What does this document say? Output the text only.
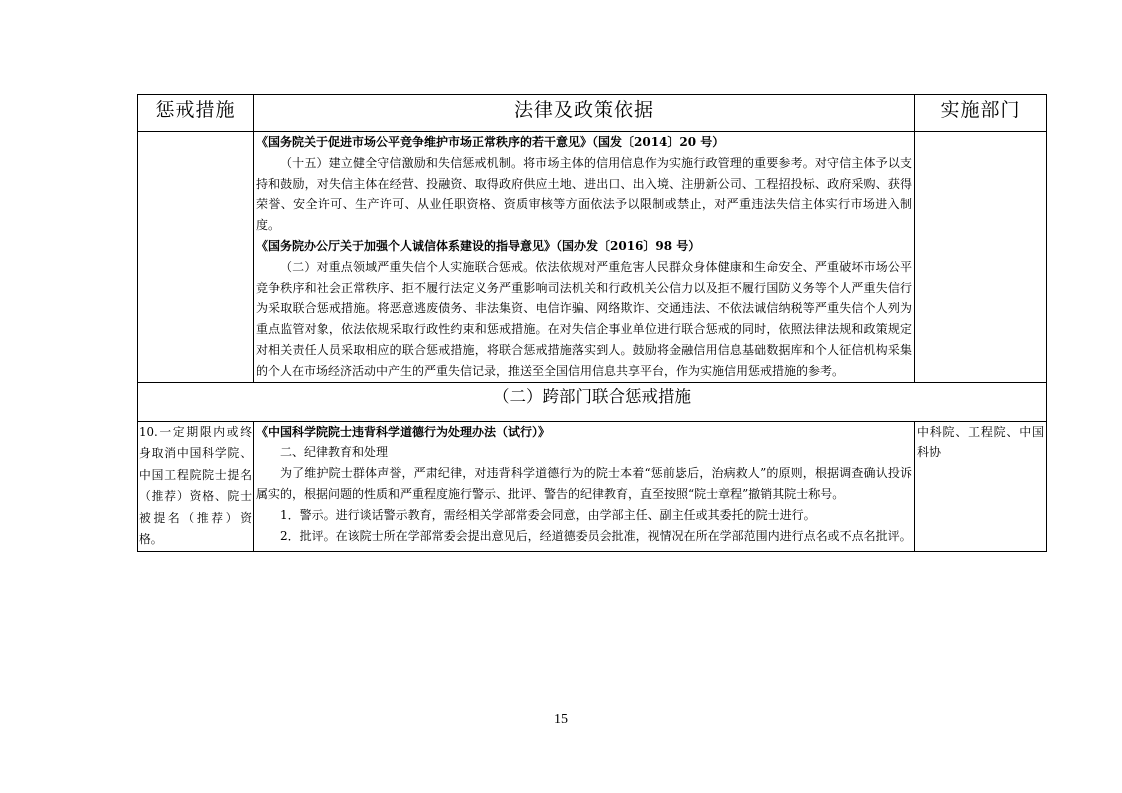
惩戒措施	法律及政策依据	实施部门

	《国务院关于促进市场公平竞争维护市场正常秩序的若干意见》（国发〔2014〕20 号）
（十五）建立健全守信激励和失信惩戒机制。将市场主体的信用信息作为实施行政管理的重要参考。对守信主体予以支持和鼓励，对失信主体在经营、投融资、取得政府供应土地、进出口、出入境、注册新公司、工程招投标、政府采购、获得荣誉、安全许可、生产许可、从业任职资格、资质审核等方面依法予以限制或禁止，对严重违法失信主体实行市场进入制度。
《国务院办公厅关于加强个人诚信体系建设的指导意见》（国办发〔2016〕98 号）
（二）对重点领域严重失信个人实施联合惩戒。依法依规对严重危害人民群众身体健康和生命安全、严重破坏市场公平竞争秩序和社会正常秩序、拒不履行法定义务严重影响司法机关和行政机关公信力以及拒不履行国防义务等个人严重失信行为采取联合惩戒措施。将恶意逃废债务、非法集资、电信诈骗、网络欺诈、交通违法、不依法诚信纳税等严重失信个人列为重点监管对象，依法依规采取行政性约束和惩戒措施。在对失信企事业单位进行联合惩戒的同时，依照法律法规和政策规定对相关责任人员采取相应的联合惩戒措施，将联合惩戒措施落实到人。鼓励将金融信用信息基础数据库和个人征信机构采集的个人在市场经济活动中产生的严重失信记录，推送至全国信用信息共享平台，作为实施信用惩戒措施的参考。	

（二）跨部门联合惩戒措施		

10.一定期限内或终身取消中国科学院、中国工程院院士提名（推荐）资格、院士被提名（推荐）资格。	《中国科学院院士违背科学道德行为处理办法（试行）》
二、纪律教育和处理
为了维护院士群体声誉，严肃纪律，对违背科学道德行为的院士本着“惩前毖后，治病救人”的原则，根据调查确认投诉属实的，根据问题的性质和严重程度施行警示、批评、警告的纪律教育，直至按照“院士章程”撤销其院士称号。
1．警示。进行谈话警示教育，需经相关学部常委会同意，由学部主任、副主任或其委托的院士进行。
2．批评。在该院士所在学部常委会提出意见后，经道德委员会批准，视情况在所在学部范围内进行点名或不点名批评。	中科院、工程院、中国科协
15
